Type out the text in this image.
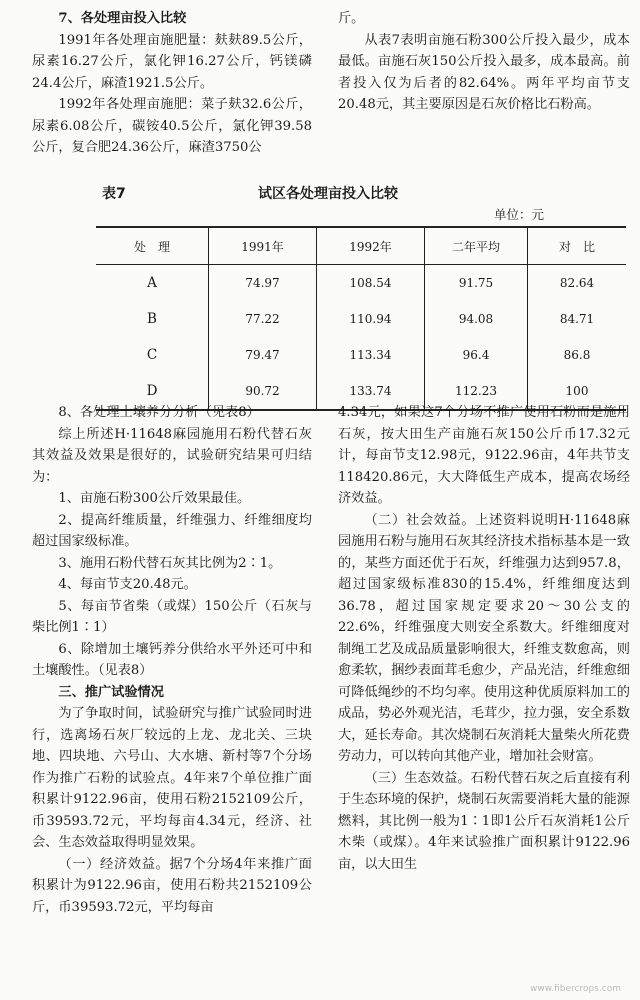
7、各处理亩投入比较

1991年各处理亩施肥量：麸麸89.5公斤，尿素16.27公斤，氯化钾16.27公斤，钙镁磷24.4公斤，麻渣1921.5公斤。

1992年各处理亩施肥：菜子麸32.6公斤，尿素6.08公斤，碳铵40.5公斤，氯化钾39.58公斤，复合肥24.36公斤，麻渣3750公

斤。

从表7表明亩施石粉300公斤投入最少，成本最低。亩施石灰150公斤投入最多，成本最高。前者投入仅为后者的82.64%。两年平均亩节支20.48元，其主要原因是石灰价格比石粉高。

表7	试区各处理亩投入比较
单位：元
处　理	1991年	1992年	二年平均	对　比
A	74.97	108.54	91.75	82.64
B	77.22	110.94	94.08	84.71
C	79.47	113.34	96.4	86.8
D	90.72	133.74	112.23	100

8、各处理土壤养分分析（见表8）

综上所述H·11648麻园施用石粉代替石灰其效益及效果是很好的，试验研究结果可归结为：

1、亩施石粉300公斤效果最佳。

2、提高纤维质量，纤维强力、纤维细度均超过国家级标准。

3、施用石粉代替石灰其比例为2∶1。

4、每亩节支20.48元。

5、每亩节省柴（或煤）150公斤（石灰与柴比例1∶1）

6、除增加土壤钙养分供给水平外还可中和土壤酸性。（见表8）

三、推广试验情况

为了争取时间，试验研究与推广试验同时进行，选离场石灰厂较远的上龙、龙北关、三块地、四块地、六号山、大水塘、新村等7个分场作为推广石粉的试验点。4年来7个单位推广面积累计9122.96亩，使用石粉2152109公斤，币39593.72元，平均每亩4.34元，经济、社会、生态效益取得明显效果。

（一）经济效益。据7个分场4年来推广面积累计为9122.96亩，使用石粉共2152109公斤，币39593.72元，平均每亩

4.34元，如果这7个分场不推广使用石粉而是施用石灰，按大田生产亩施石灰150公斤币17.32元计，每亩节支12.98元，9122.96亩，4年共节支118420.86元，大大降低生产成本，提高农场经济效益。

（二）社会效益。上述资料说明H·11648麻园施用石粉与施用石灰其经济技术指标基本是一致的，某些方面还优于石灰，纤维强力达到957.8，超过国家级标准830的15.4%，纤维细度达到36.78，超过国家规定要求20～30公支的22.6%，纤维强度大则安全系数大。纤维细度对制绳工艺及成品质量影响很大，纤维支数愈高，则愈柔软，捆纱表面茸毛愈少，产品光洁，纤维愈细可降低绳纱的不均匀率。使用这种优质原料加工的成品，势必外观光洁，毛茸少，拉力强，安全系数大，延长寿命。其次烧制石灰消耗大量柴火所花费劳动力，可以转向其他产业，增加社会财富。

（三）生态效益。石粉代替石灰之后直接有利于生态环境的保护，烧制石灰需要消耗大量的能源燃料，其比例一般为1∶1即1公斤石灰消耗1公斤木柴（或煤）。4年来试验推广面积累计9122.96亩，以大田生

www.fibercrops.com
